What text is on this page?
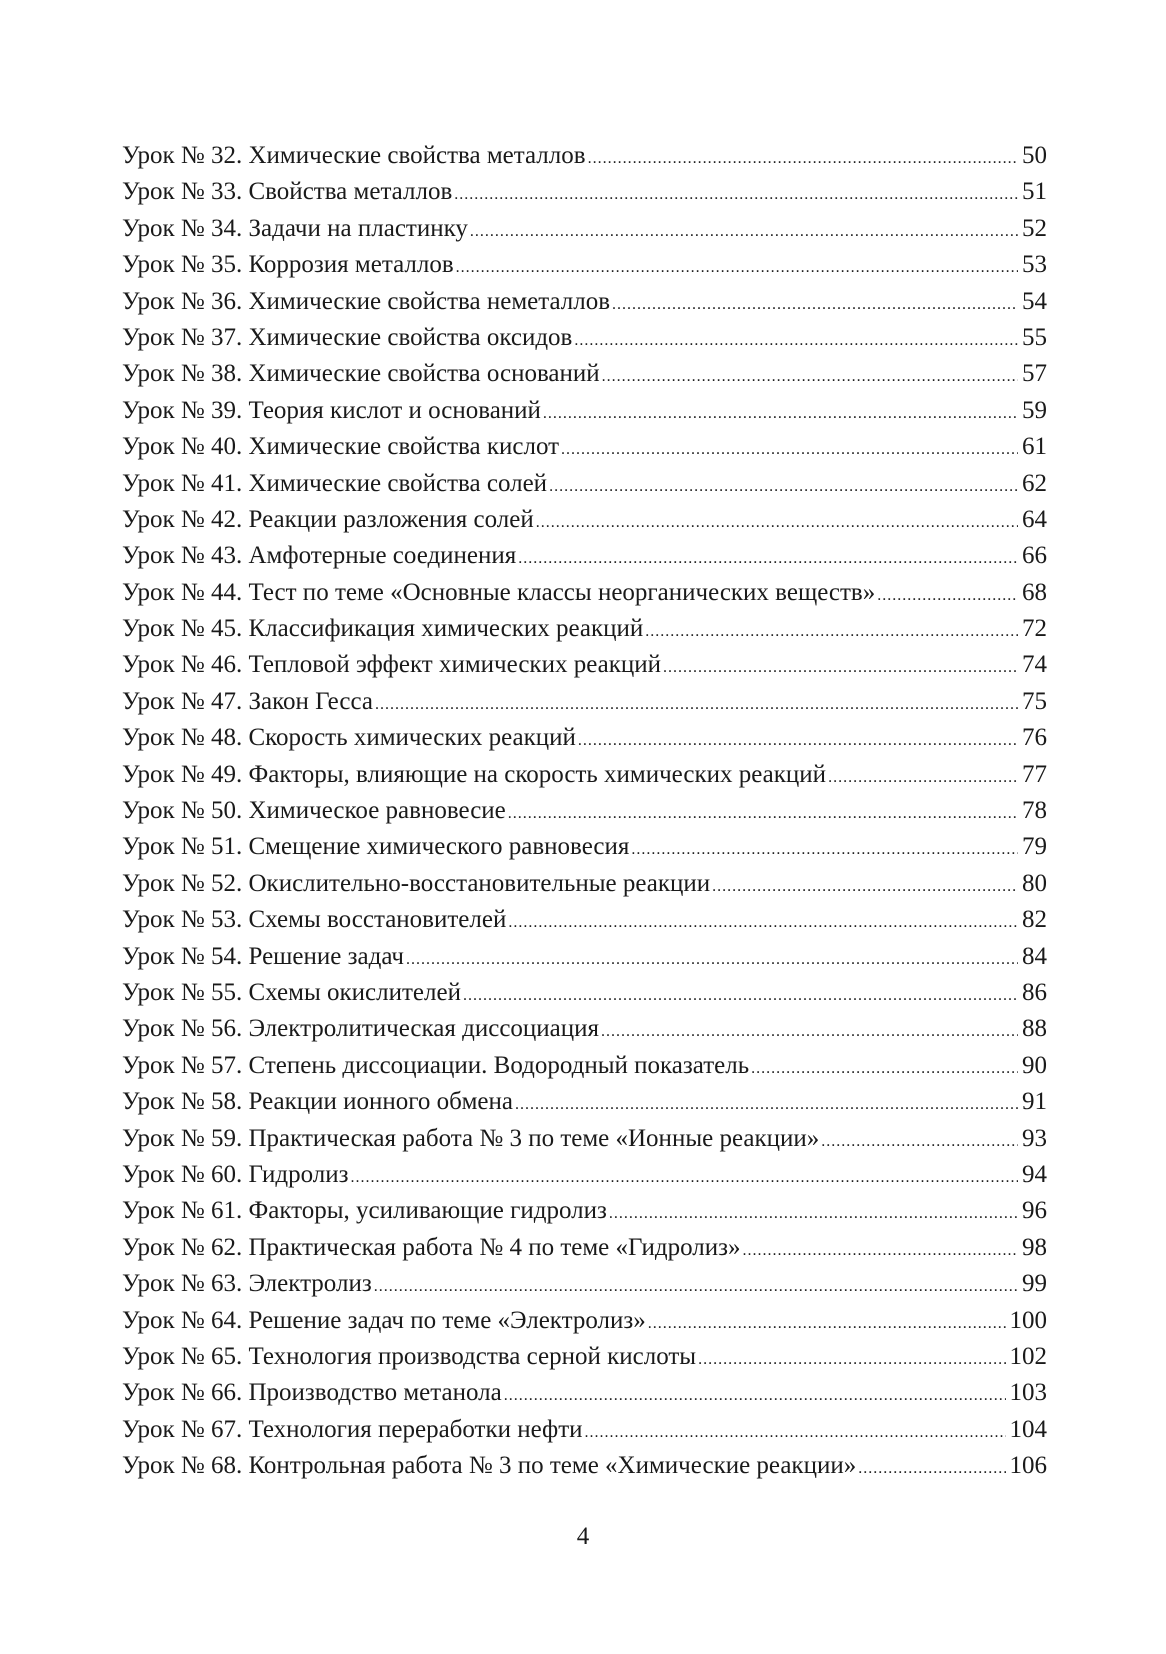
Урок № 32. Химические свойства металлов .....	50
Урок № 33. Свойства металлов .....	51
Урок № 34. Задачи на пластинку .....	52
Урок № 35. Коррозия металлов .....	53
Урок № 36. Химические свойства неметаллов .....	54
Урок № 37. Химические свойства оксидов .....	55
Урок № 38. Химические свойства оснований .....	57
Урок № 39. Теория кислот и оснований .....	59
Урок № 40. Химические свойства кислот .....	61
Урок № 41. Химические свойства солей .....	62
Урок № 42. Реакции разложения солей .....	64
Урок № 43. Амфотерные соединения .....	66
Урок № 44. Тест по теме «Основные классы неорганических веществ» .....	68
Урок № 45. Классификация химических реакций .....	72
Урок № 46. Тепловой эффект химических реакций .....	74
Урок № 47. Закон Гесса .....	75
Урок № 48. Скорость химических реакций .....	76
Урок № 49. Факторы, влияющие на скорость химических реакций .....	77
Урок № 50. Химическое равновесие .....	78
Урок № 51. Смещение химического равновесия .....	79
Урок № 52. Окислительно-восстановительные реакции .....	80
Урок № 53. Схемы восстановителей .....	82
Урок № 54. Решение задач .....	84
Урок № 55. Схемы окислителей .....	86
Урок № 56. Электролитическая диссоциация .....	88
Урок № 57. Степень диссоциации. Водородный показатель .....	90
Урок № 58. Реакции ионного обмена .....	91
Урок № 59. Практическая работа № 3 по теме «Ионные реакции» .....	93
Урок № 60. Гидролиз .....	94
Урок № 61. Факторы, усиливающие гидролиз .....	96
Урок № 62. Практическая работа № 4 по теме «Гидролиз» .....	98
Урок № 63. Электролиз .....	99
Урок № 64. Решение задач по теме «Электролиз» .....	100
Урок № 65. Технология производства серной кислоты .....	102
Урок № 66. Производство метанола .....	103
Урок № 67. Технология переработки нефти .....	104
Урок № 68. Контрольная работа № 3 по теме «Химические реакции» .....	106
4
